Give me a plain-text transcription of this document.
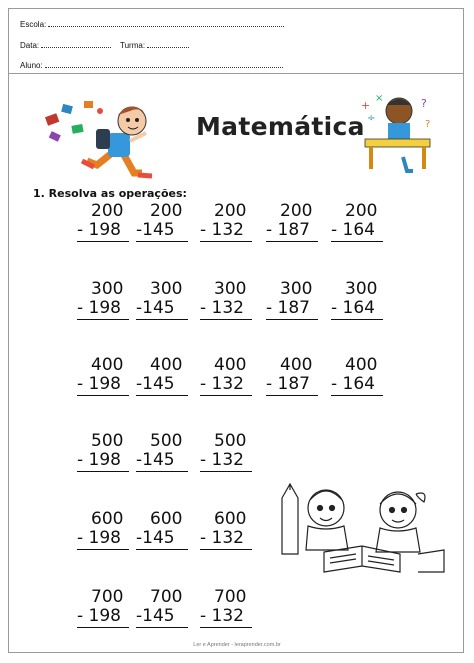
Escola:
Data:	Turma:
Aluno:
+
×
÷
?
?
Matemática
1. Resolva as operações:
200
- 198
200
-145
200
- 132
200
- 187
200
- 164
300
- 198
300
-145
300
- 132
300
- 187
300
- 164
400
- 198
400
-145
400
- 132
400
- 187
400
- 164
500
- 198
500
-145
500
- 132
600
- 198
600
-145
600
- 132
700
- 198
700
-145
700
- 132
Ler e Aprender - leraprender.com.br
